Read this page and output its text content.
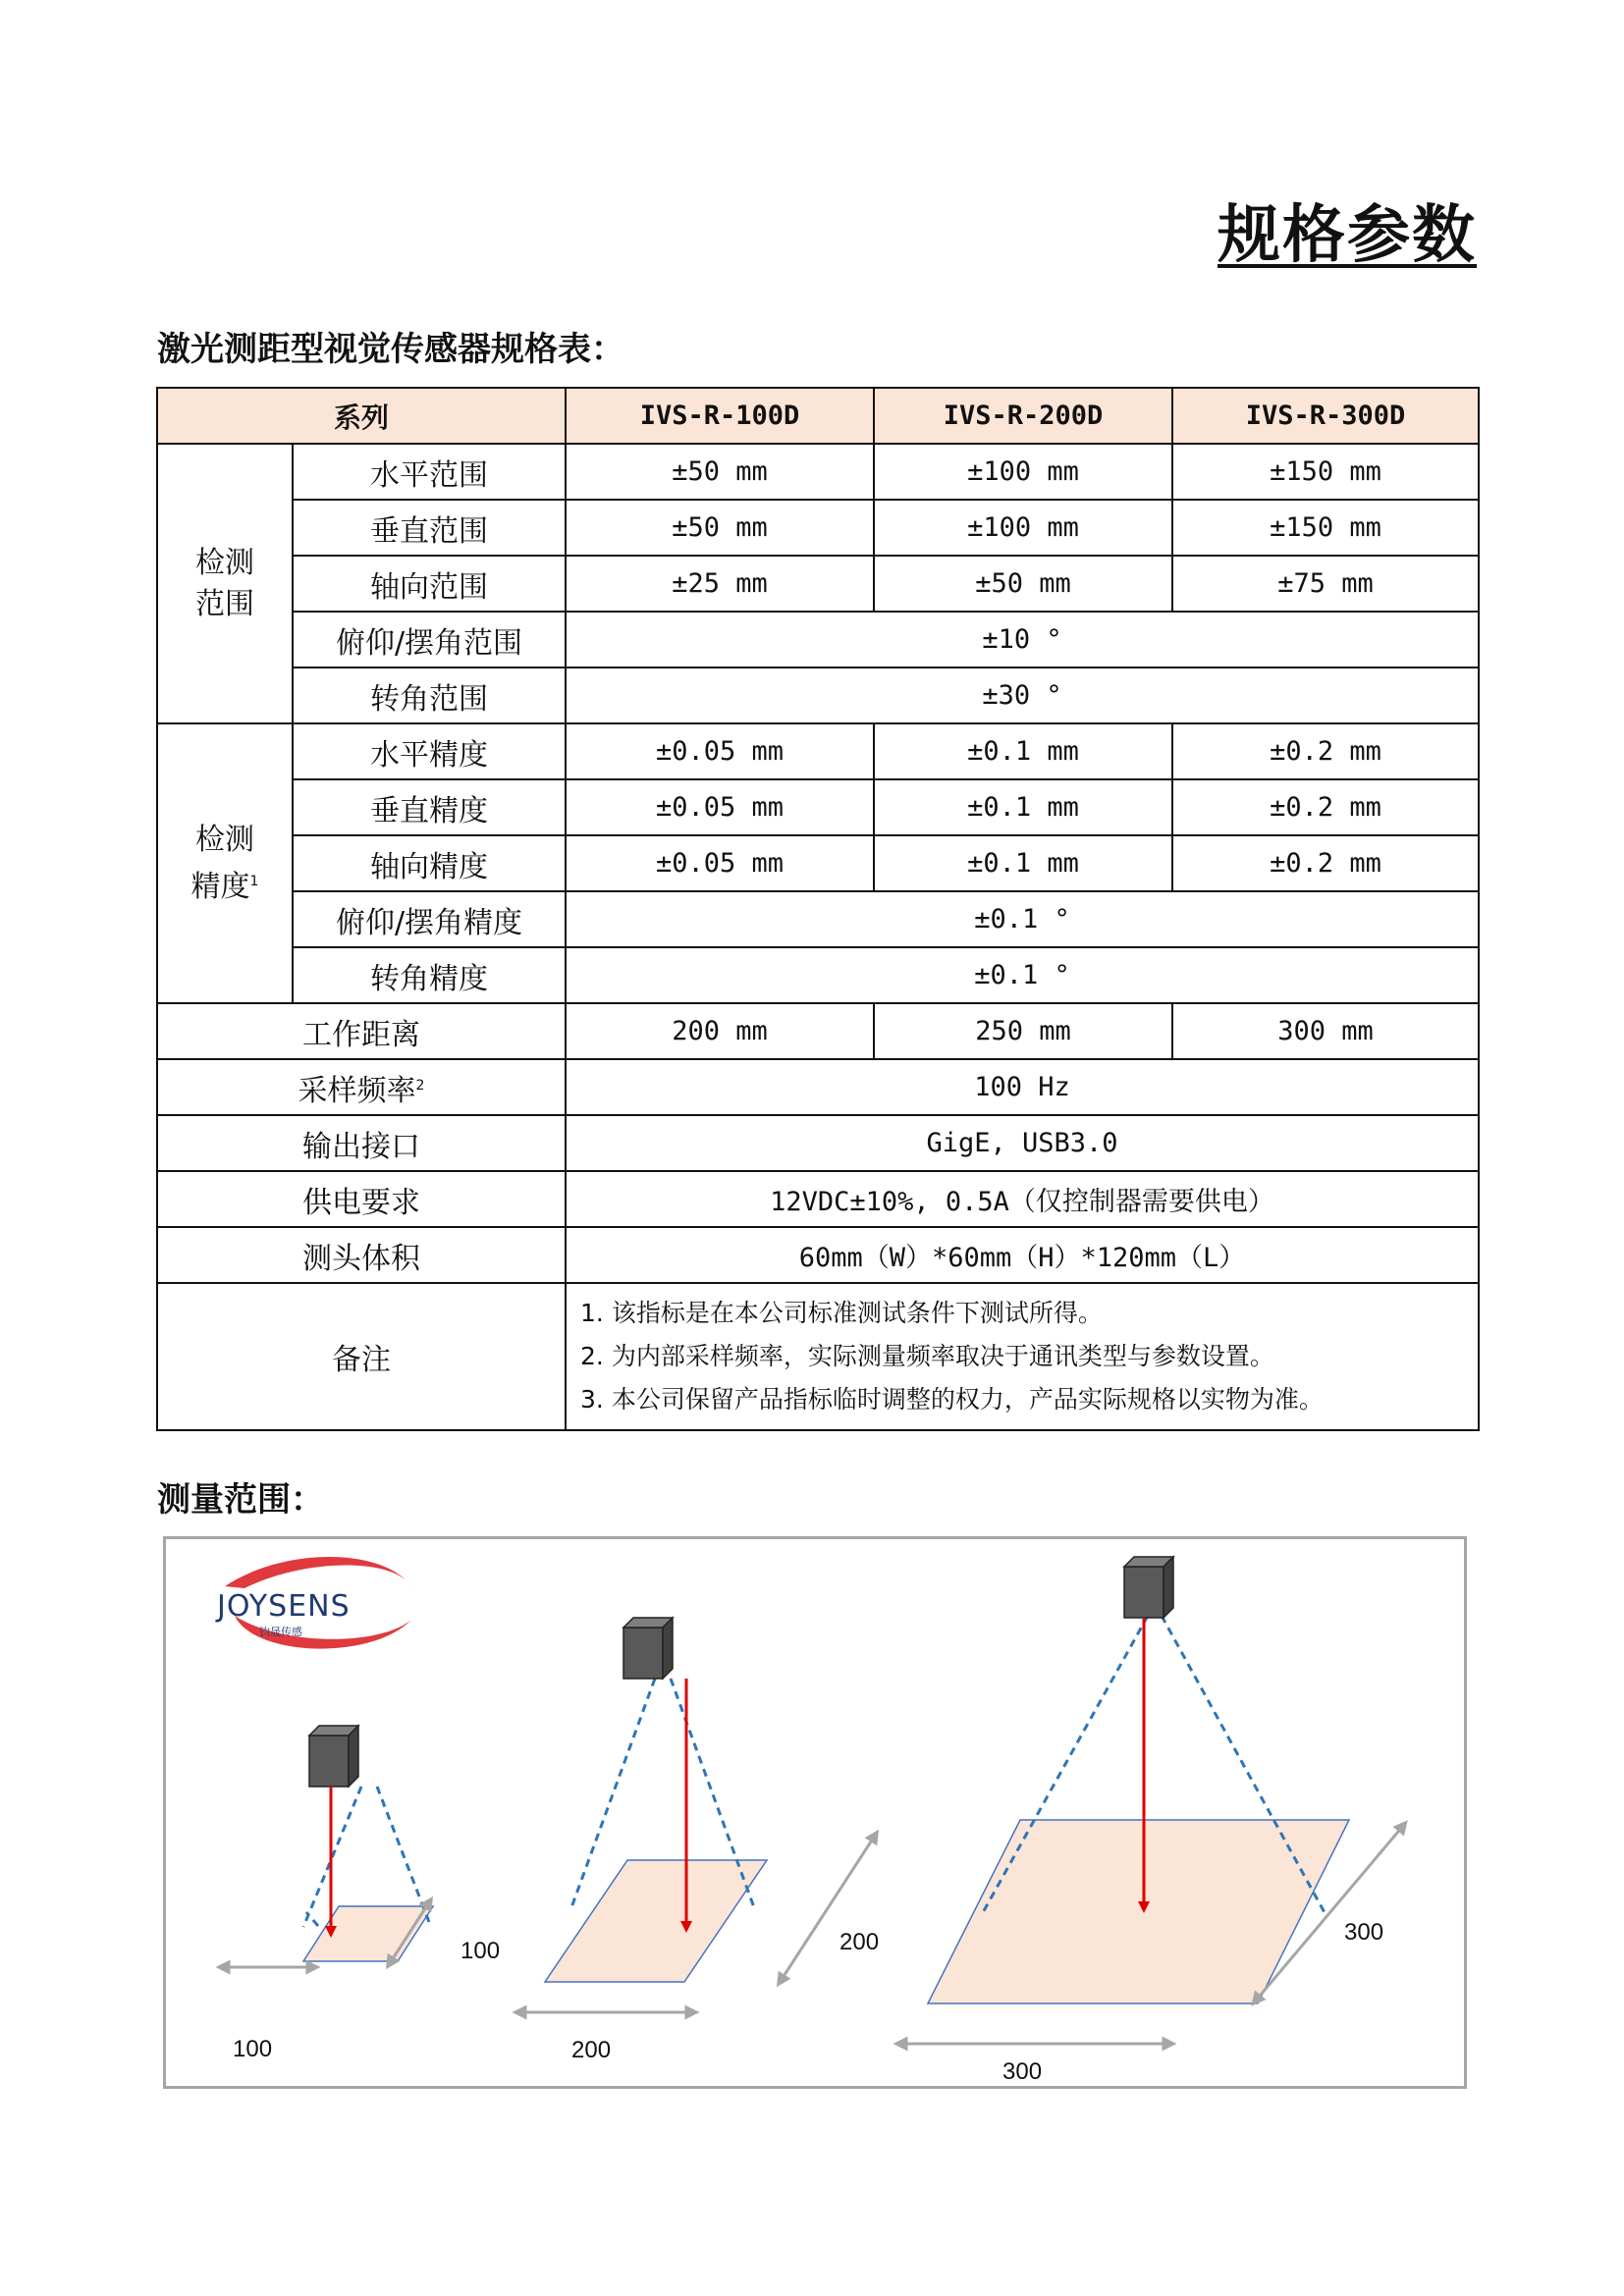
规格参数
激光测距型视觉传感器规格表：
系列		IVS-R-100D	IVS-R-200D	IVS-R-300D
检测
范围	水平范围	±50 mm	±100 mm	±150 mm
	垂直范围	±50 mm	±100 mm	±150 mm
	轴向范围	±25 mm	±50 mm	±75 mm
	俯仰/摆角范围	±10 °		
	转角范围	±30 °		
检测
精度$^1$	水平精度	±0.05 mm	±0.1 mm	±0.2 mm
	垂直精度	±0.05 mm	±0.1 mm	±0.2 mm
	轴向精度	±0.05 mm	±0.1 mm	±0.2 mm
	俯仰/摆角精度	±0.1 °		
	转角精度	±0.1 °		
工作距离		200 mm	250 mm	300 mm
采样频率$^2$		100 Hz		
输出接口		GigE, USB3.0		
供电要求		12VDC±10%, 0.5A（仅控制器需要供电）		
测头体积		60mm（W）*60mm（H）*120mm（L）		
备注		1. 该指标是在本公司标准测试条件下测试所得。
2. 为内部采样频率，实际测量频率取决于通讯类型与参数设置。
3. 本公司保留产品指标临时调整的权力，产品实际规格以实物为准。		
测量范围：
JOYSENS
钧晟传感
100
100
200
200
300
300
